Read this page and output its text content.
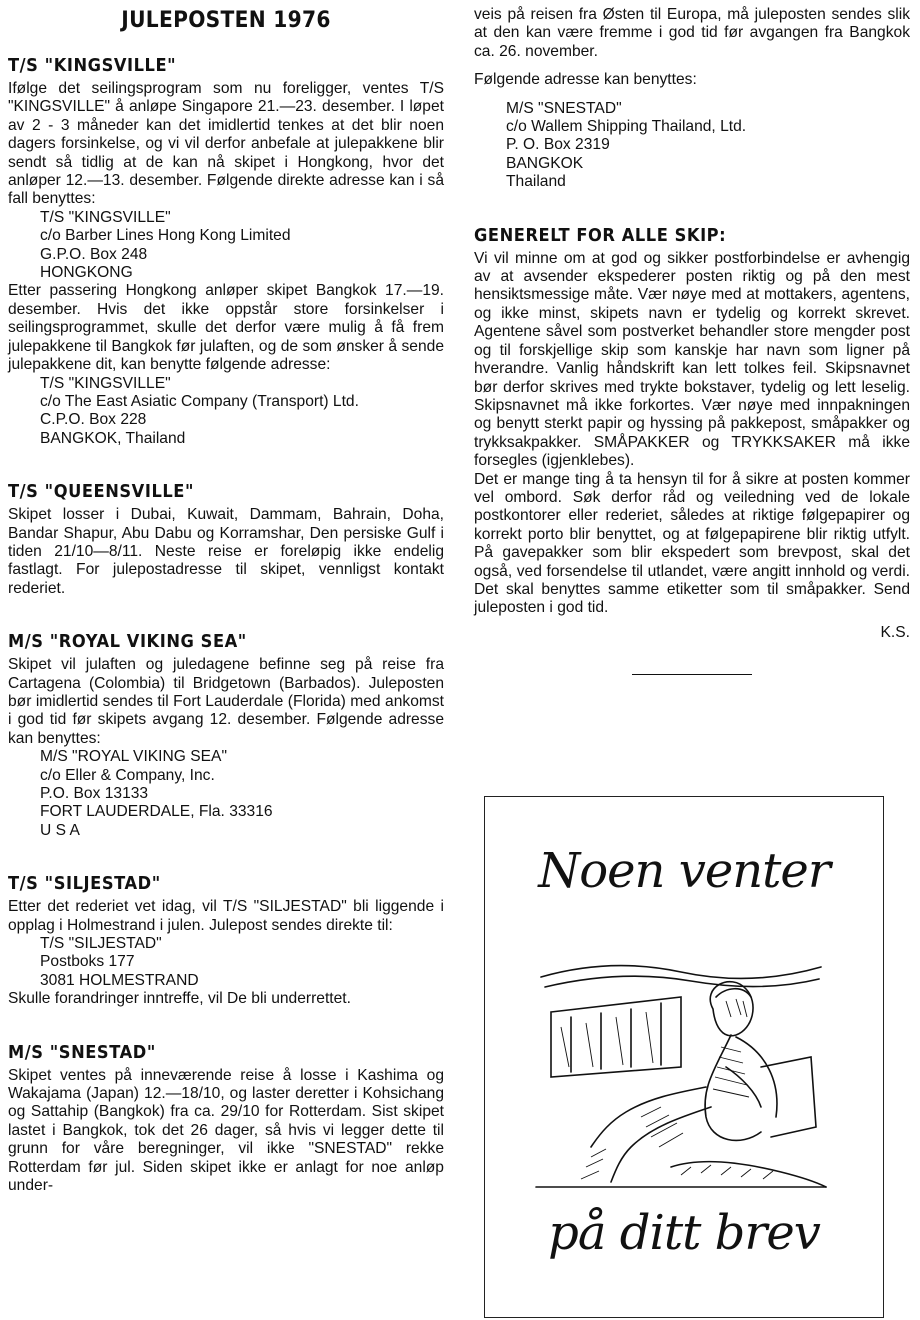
JULEPOSTEN 1976
T/S "KINGSVILLE"

Ifølge det seilingsprogram som nu foreligger, ventes T/S "KINGSVILLE" å anløpe Singapore 21.—23. desember. I løpet av 2 - 3 måneder kan det imidlertid tenkes at det blir noen dagers forsinkelse, og vi vil derfor anbefale at julepakkene blir sendt så tidlig at de kan nå skipet i Hongkong, hvor det anløper 12.—13. desember. Følgende direkte adresse kan i så fall benyttes:

T/S "KINGSVILLE"
c/o Barber Lines Hong Kong Limited
G.P.O. Box 248
HONGKONG

Etter passering Hongkong anløper skipet Bangkok 17.—19. desember. Hvis det ikke oppstår store forsinkelser i seilingsprogrammet, skulle det derfor være mulig å få frem julepakkene til Bangkok før julaften, og de som ønsker å sende julepakkene dit, kan benytte følgende adresse:

T/S "KINGSVILLE"
c/o The East Asiatic Company (Transport) Ltd.
C.P.O. Box 228
BANGKOK, Thailand
T/S "QUEENSVILLE"

Skipet losser i Dubai, Kuwait, Dammam, Bahrain, Doha, Bandar Shapur, Abu Dabu og Korramshar, Den persiske Gulf i tiden 21/10—8/11. Neste reise er foreløpig ikke endelig fastlagt. For julepostadresse til skipet, vennligst kontakt rederiet.

M/S "ROYAL VIKING SEA"

Skipet vil julaften og juledagene befinne seg på reise fra Cartagena (Colombia) til Bridgetown (Barbados). Juleposten bør imidlertid sendes til Fort Lauderdale (Florida) med ankomst i god tid før skipets avgang 12. desember. Følgende adresse kan benyttes:

M/S "ROYAL VIKING SEA"
c/o Eller & Company, Inc.
P.O. Box 13133
FORT LAUDERDALE, Fla. 33316
U S A
T/S "SILJESTAD"

Etter det rederiet vet idag, vil T/S "SILJESTAD" bli liggende i opplag i Holmestrand i julen. Julepost sendes direkte til:

T/S "SILJESTAD"
Postboks 177
3081 HOLMESTRAND

Skulle forandringer inntreffe, vil De bli underrettet.

M/S "SNESTAD"

Skipet ventes på inneværende reise å losse i Kashima og Wakajama (Japan) 12.—18/10, og laster deretter i Kohsichang og Sattahip (Bangkok) fra ca. 29/10 for Rotterdam. Sist skipet lastet i Bangkok, tok det 26 dager, så hvis vi legger dette til grunn for våre beregninger, vil ikke "SNESTAD" rekke Rotterdam før jul. Siden skipet ikke er anlagt for noe anløp under-

veis på reisen fra Østen til Europa, må juleposten sendes slik at den kan være fremme i god tid før avgangen fra Bangkok ca. 26. november.

Følgende adresse kan benyttes:

M/S "SNESTAD"
c/o Wallem Shipping Thailand, Ltd.
P. O. Box 2319
BANGKOK
Thailand
GENERELT FOR ALLE SKIP:

Vi vil minne om at god og sikker postforbindelse er avhengig av at avsender ekspederer posten riktig og på den mest hensiktsmessige måte. Vær nøye med at mottakers, agentens, og ikke minst, skipets navn er tydelig og korrekt skrevet. Agentene såvel som postverket behandler store mengder post og til forskjellige skip som kanskje har navn som ligner på hverandre. Vanlig håndskrift kan lett tolkes feil. Skipsnavnet bør derfor skrives med trykte bokstaver, tydelig og lett leselig. Skipsnavnet må ikke forkortes. Vær nøye med innpakningen og benytt sterkt papir og hyssing på pakkepost, småpakker og trykksakpakker. SMÅPAKKER og TRYKKSAKER må ikke forsegles (igjenklebes).

Det er mange ting å ta hensyn til for å sikre at posten kommer vel ombord. Søk derfor råd og veiledning ved de lokale postkontorer eller rederiet, således at riktige følgepapirer og korrekt porto blir benyttet, og at følgepapirene blir riktig utfylt. På gavepakker som blir ekspedert som brevpost, skal det også, ved forsendelse til utlandet, være angitt innhold og verdi. Det skal benyttes samme etiketter som til småpakker. Send juleposten i god tid.

K.S.
Noen venter
på ditt brev
